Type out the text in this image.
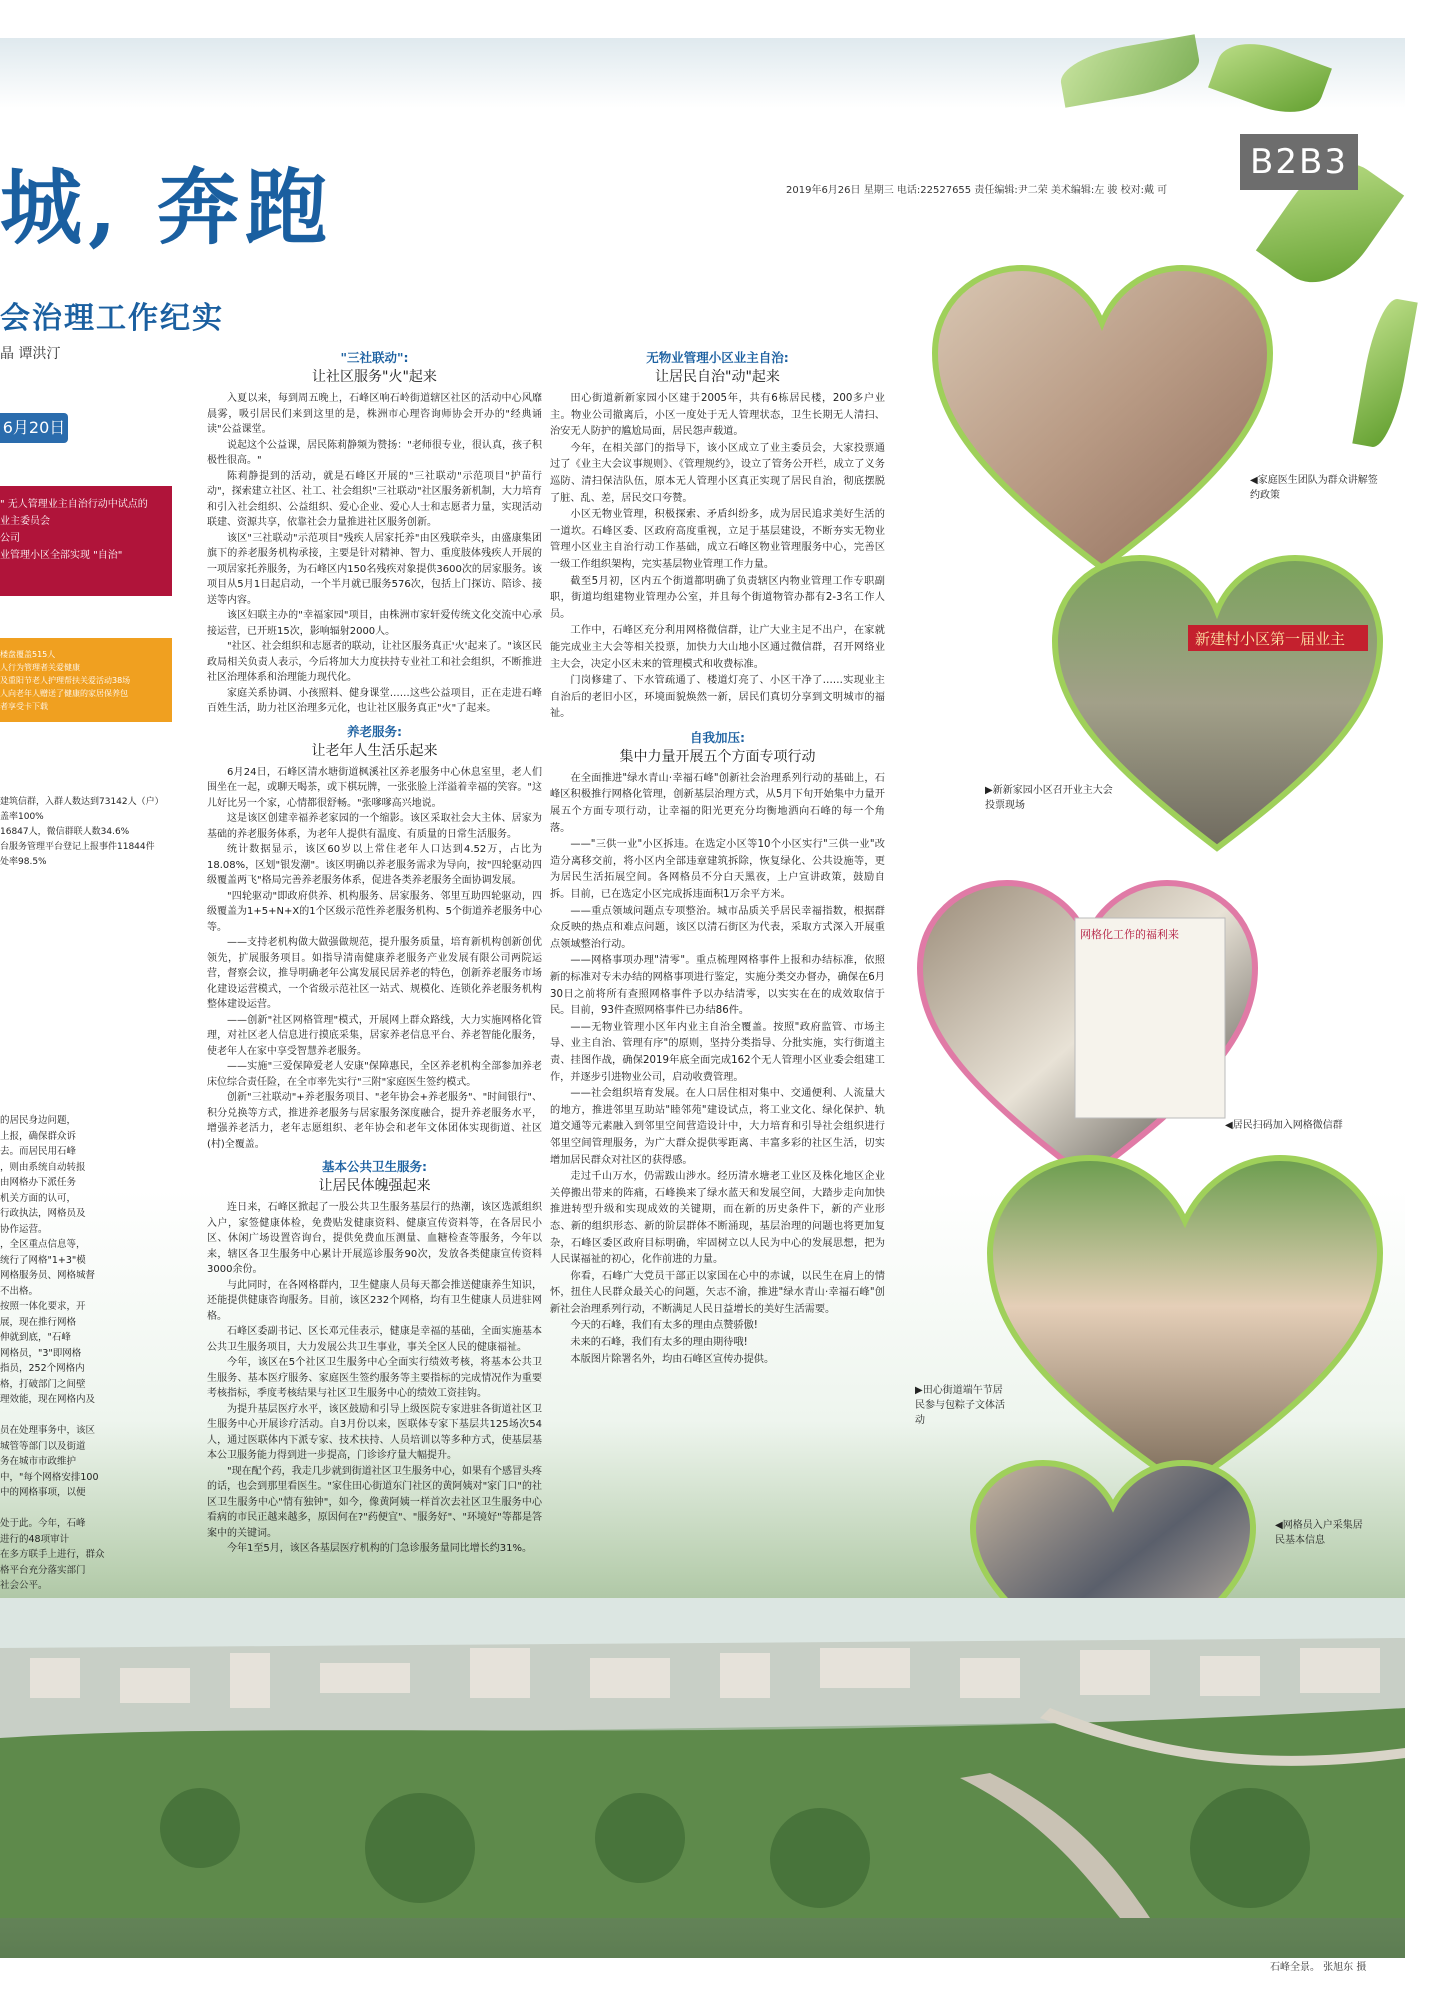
B2B3
2019年6月26日 星期三 电话:22527655 责任编辑:尹二荣 美术编辑:左 骏 校对:戴 可
城, 奔跑
会治理工作纪实
晶 谭洪汀
6月20日
" 无人管理业主自治行动中试点的
业主委员会
公司
业管理小区全部实现 "自治"
楼盘覆盖515人
人行为管理者关爱健康
及重阳节老人护理帮扶关爱活动38场
人向老年人赠送了健康的家居保养包
者享受卡下载
建筑信群，入群人数达到73142人（户）
盖率100%
16847人，微信群联人数34.6%
台服务管理平台登记上报事件11844件
处率98.5%
的居民身边问题，
上报，确保群众诉
去。而居民用石峰
，则由系统自动转报
由网格办下派任务
机关方面的认可，
行政执法，网格员及
协作运营。
，全区重点信息等，
统行了网格"1+3"模
网格服务员、网格城督
不出格。
按照一体化要求，开
展，现在推行网格
伸就到底，"石峰
网格员，"3"即网格
指员，252个网格内
格，打破部门之间壁
理效能，现在网格内及

员在处理事务中，该区
城管等部门以及街道
务在城市市政维护
中，"每个网格安排100
中的网格事项，以便

处于此。今年，石峰
进行的48项审计
在多方联手上进行，群众
格平台充分落实部门
社会公平。
"三社联动":
让社区服务"火"起来

入夏以来，每到周五晚上，石峰区响石岭街道辖区社区的活动中心风靡晨雾，吸引居民们来到这里的是，株洲市心理咨询师协会开办的"经典诵读"公益课堂。

说起这个公益课，居民陈莉静频为赞扬："老师很专业，很认真，孩子积极性很高。"

陈莉静提到的活动，就是石峰区开展的"三社联动"示范项目"护苗行动"，探索建立社区、社工、社会组织"三社联动"社区服务新机制，大力培育和引入社会组织、公益组织、爱心企业、爱心人士和志愿者力量，实现活动联建、资源共享，依靠社会力量推进社区服务创新。

该区"三社联动"示范项目"残疾人居家托养"由区残联牵头，由盛康集团旗下的养老服务机构承接，主要是针对精神、智力、重度肢体残疾人开展的一项居家托养服务，为石峰区内150名残疾对象提供3600次的居家服务。该项目从5月1日起启动，一个半月就已服务576次，包括上门探访、陪诊、接送等内容。

该区妇联主办的"幸福家园"项目，由株洲市家轩爱传统文化交流中心承接运营，已开班15次，影响辐射2000人。

"社区、社会组织和志愿者的联动，让社区服务真正'火'起来了。"该区民政局相关负责人表示，今后将加大力度扶持专业社工和社会组织，不断推进社区治理体系和治理能力现代化。

家庭关系协调、小孩照料、健身课堂……这些公益项目，正在走进石峰百姓生活，助力社区治理多元化，也让社区服务真正"火"了起来。

养老服务:
让老年人生活乐起来

6月24日，石峰区清水塘街道枫溪社区养老服务中心休息室里，老人们围坐在一起，或聊天喝茶，或下棋玩牌，一张张脸上洋溢着幸福的笑容。"这儿好比另一个家，心情都很舒畅。"张嗲嗲高兴地说。

这是该区创建幸福养老家园的一个缩影。该区采取社会大主体、居家为基础的养老服务体系，为老年人提供有温度、有质量的日常生活服务。

统计数据显示，该区60岁以上常住老年人口达到4.52万，占比为18.08%，区划"银发潮"。该区明确以养老服务需求为导向，按"四轮驱动四级覆盖两飞"格局完善养老服务体系，促进各类养老服务全面协调发展。

"四轮驱动"即政府供养、机构服务、居家服务、邻里互助四轮驱动，四级覆盖为1+5+N+X的1个区级示范性养老服务机构、5个街道养老服务中心等。

——支持老机构做大做强做规范，提升服务质量，培育新机构创新创优领先，扩展服务项目。如指导清南健康养老服务产业发展有限公司两院运营，督察会议，推导明确老年公寓发展民居养老的特色，创新养老服务市场化建设运营模式，一个省级示范社区一站式、规模化、连锁化养老服务机构整体建设运营。

——创新"社区网格管理"模式，开展网上群众路线，大力实施网格化管理，对社区老人信息进行摸底采集，居家养老信息平台、养老智能化服务，使老年人在家中享受智慧养老服务。

——实施"三爱保障爱老人安康"保障惠民，全区养老机构全部参加养老床位综合责任险，在全市率先实行"三附"家庭医生签约模式。

创新"三社联动"+养老服务项目、"老年协会+养老服务"、"时间银行"、积分兑换等方式，推进养老服务与居家服务深度融合，提升养老服务水平，增强养老活力，老年志愿组织、老年协会和老年文体团体实现街道、社区(村)全覆盖。

基本公共卫生服务:
让居民体魄强起来

连日来，石峰区掀起了一股公共卫生服务基层行的热潮，该区选派组织入户，家签健康体检，免费贴发健康资料、健康宣传资料等，在各居民小区、休闲广场设置咨询台，提供免费血压测量、血糖检查等服务，今年以来，辖区各卫生服务中心累计开展巡诊服务90次，发放各类健康宣传资料3000余份。

与此同时，在各网格群内，卫生健康人员每天都会推送健康养生知识，还能提供健康咨询服务。目前，该区232个网格，均有卫生健康人员进驻网格。

石峰区委副书记、区长邓元佳表示，健康是幸福的基础，全面实施基本公共卫生服务项目，大力发展公共卫生事业，事关全区人民的健康福祉。

今年，该区在5个社区卫生服务中心全面实行绩效考核，将基本公共卫生服务、基本医疗服务、家庭医生签约服务等主要指标的完成情况作为重要考核指标，季度考核结果与社区卫生服务中心的绩效工资挂钩。

为提升基层医疗水平，该区鼓励和引导上级医院专家进驻各街道社区卫生服务中心开展诊疗活动。自3月份以来，医联体专家下基层共125场次54人，通过医联体内下派专家、技术扶持、人员培训以等多种方式，使基层基本公卫服务能力得到进一步提高，门诊诊疗量大幅提升。

"现在配个药，我走几步就到街道社区卫生服务中心，如果有个感冒头疼的话，也会到那里看医生。"家住田心街道东门社区的黄阿姨对"家门口"的社区卫生服务中心"情有独钟"，如今，像黄阿姨一样首次去社区卫生服务中心看病的市民正越来越多，原因何在?"药便宜"、"服务好"、"环境好"等都是答案中的关键词。

今年1至5月，该区各基层医疗机构的门急诊服务量同比增长约31%。

无物业管理小区业主自治:
让居民自治"动"起来

田心街道新新家园小区建于2005年，共有6栋居民楼，200多户业主。物业公司撤离后，小区一度处于无人管理状态，卫生长期无人清扫、治安无人防护的尴尬局面，居民怨声载道。

今年，在相关部门的指导下，该小区成立了业主委员会，大家投票通过了《业主大会议事规则》、《管理规约》，设立了管务公开栏，成立了义务巡防、清扫保洁队伍，原本无人管理小区真正实现了居民自治，彻底摆脱了脏、乱、差，居民交口夸赞。

小区无物业管理，积极探索、矛盾纠纷多，成为居民追求美好生活的一道坎。石峰区委、区政府高度重视，立足于基层建设，不断夯实无物业管理小区业主自治行动工作基础，成立石峰区物业管理服务中心，完善区一级工作组织架构，完实基层物业管理工作力量。

截至5月初，区内五个街道都明确了负责辖区内物业管理工作专职副职，街道均组建物业管理办公室，并且每个街道物管办都有2-3名工作人员。

工作中，石峰区充分利用网格微信群，让广大业主足不出户，在家就能完成业主大会等相关投票，加快力大山地小区通过微信群，召开网络业主大会，决定小区未来的管理模式和收费标准。

门岗修建了、下水管疏通了、楼道灯亮了、小区干净了……实现业主自治后的老旧小区，环境面貌焕然一新，居民们真切分享到文明城市的福祉。

自我加压:
集中力量开展五个方面专项行动

在全面推进"绿水青山·幸福石峰"创新社会治理系列行动的基础上，石峰区积极推行网格化管理，创新基层治理方式，从5月下旬开始集中力量开展五个方面专项行动，让幸福的阳光更充分均衡地洒向石峰的每一个角落。

——"三供一业"小区拆违。在选定小区等10个小区实行"三供一业"改造分离移交前，将小区内全部违章建筑拆除，恢复绿化、公共设施等，更为居民生活拓展空间。各网格员不分白天黑夜，上户宣讲政策，鼓励自拆。目前，已在选定小区完成拆违面积1万余平方米。

——重点领域问题点专项整治。城市品质关乎居民幸福指数，根据群众反映的热点和难点问题，该区以清石街区为代表，采取方式深入开展重点领域整治行动。

——网格事项办理"清零"。重点梳理网格事件上报和办结标准，依照新的标准对专未办结的网格事项进行鉴定，实施分类交办督办，确保在6月30日之前将所有查照网格事件予以办结清零，以实实在在的成效取信于民。目前，93件查照网格事件已办结86件。

——无物业管理小区年内业主自治全覆盖。按照"政府监管、市场主导、业主自治、管理有序"的原则，坚持分类指导、分批实施，实行街道主责、挂图作战，确保2019年底全面完成162个无人管理小区业委会组建工作，并逐步引进物业公司，启动收费管理。

——社会组织培育发展。在人口居住相对集中、交通便利、人流量大的地方，推进邻里互助站"睦邻苑"建设试点，将工业文化、绿化保护、轨道交通等元素融入到邻里空间营造设计中，大力培育和引导社会组织进行邻里空间管理服务，为广大群众提供零距离、丰富多彩的社区生活，切实增加居民群众对社区的获得感。

走过千山万水，仍需跋山涉水。经历清水塘老工业区及株化地区企业关停搬出带来的阵痛，石峰换来了绿水蓝天和发展空间，大踏步走向加快推进转型升级和实现成效的关键期，而在新的历史条件下，新的产业形态、新的组织形态、新的阶层群体不断涌现，基层治理的问题也将更加复杂，石峰区委区政府目标明确，牢固树立以人民为中心的发展思想，把为人民谋福祉的初心，化作前进的力量。

你看，石峰广大党员干部正以家国在心中的赤诚，以民生在肩上的情怀，扭住人民群众最关心的问题，矢志不渝，推进"绿水青山·幸福石峰"创新社会治理系列行动，不断满足人民日益增长的美好生活需要。

今天的石峰，我们有太多的理由点赞骄傲!

未来的石峰，我们有太多的理由期待哦!

本版图片除署名外，均由石峰区宣传办提供。

◀家庭医生团队为群众讲解签约政策
新建村小区第一届业主
▶新新家园小区召开业主大会投票现场
网格化工作的福利来
◀居民扫码加入网格微信群
▶田心街道端午节居民参与包粽子文体活动
◀网格员入户采集居民基本信息
石峰全景。 张旭东 摄
